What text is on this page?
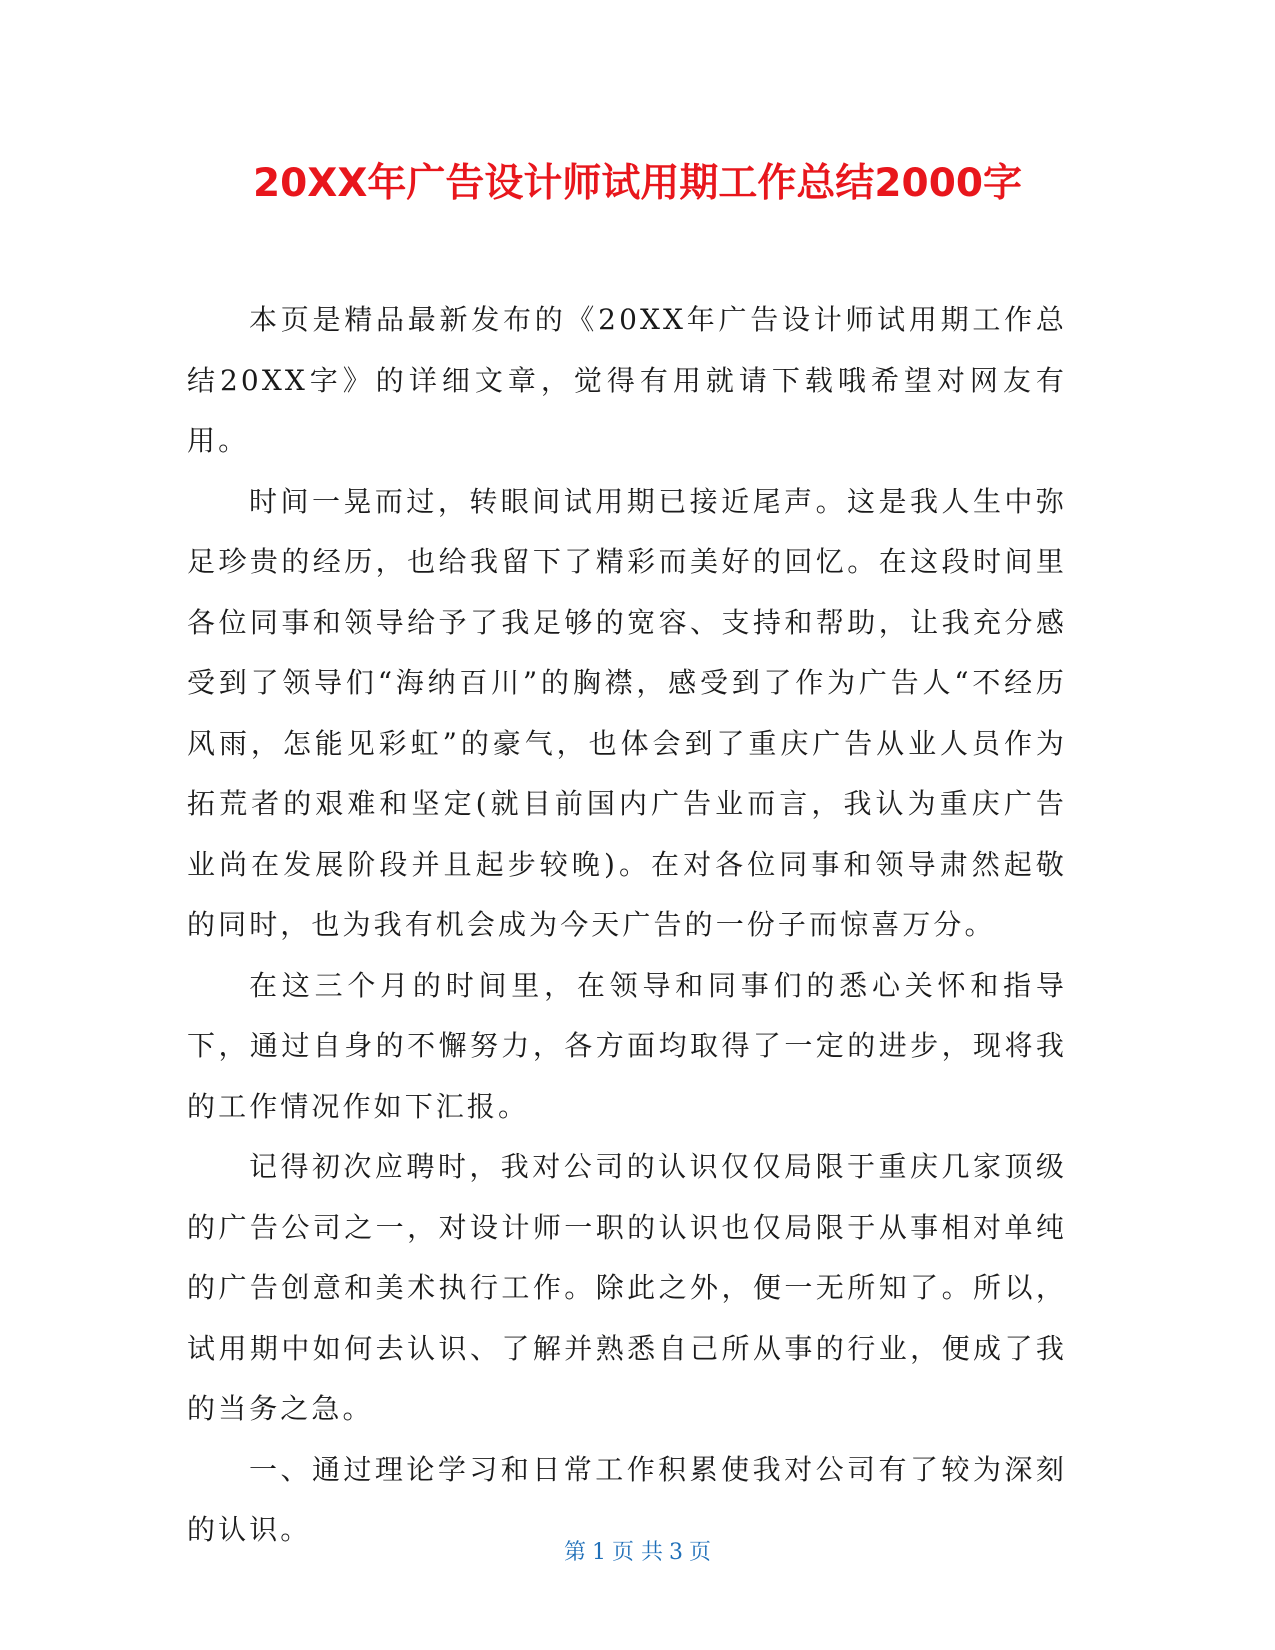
20XX年广告设计师试用期工作总结2000字

本页是精品最新发布的《20XX年广告设计师试用期工作总结20XX字》的详细文章，觉得有用就请下载哦希望对网友有用。

时间一晃而过，转眼间试用期已接近尾声。这是我人生中弥足珍贵的经历，也给我留下了精彩而美好的回忆。在这段时间里各位同事和领导给予了我足够的宽容、支持和帮助，让我充分感受到了领导们“海纳百川”的胸襟，感受到了作为广告人“不经历风雨，怎能见彩虹”的豪气，也体会到了重庆广告从业人员作为拓荒者的艰难和坚定(就目前国内广告业而言，我认为重庆广告业尚在发展阶段并且起步较晚)。在对各位同事和领导肃然起敬的同时，也为我有机会成为今天广告的一份子而惊喜万分。

在这三个月的时间里，在领导和同事们的悉心关怀和指导下，通过自身的不懈努力，各方面均取得了一定的进步，现将我的工作情况作如下汇报。

记得初次应聘时，我对公司的认识仅仅局限于重庆几家顶级的广告公司之一，对设计师一职的认识也仅局限于从事相对单纯的广告创意和美术执行工作。除此之外，便一无所知了。所以，试用期中如何去认识、了解并熟悉自己所从事的行业，便成了我的当务之急。

一、通过理论学习和日常工作积累使我对公司有了较为深刻的认识。

第 1 页 共 3 页
